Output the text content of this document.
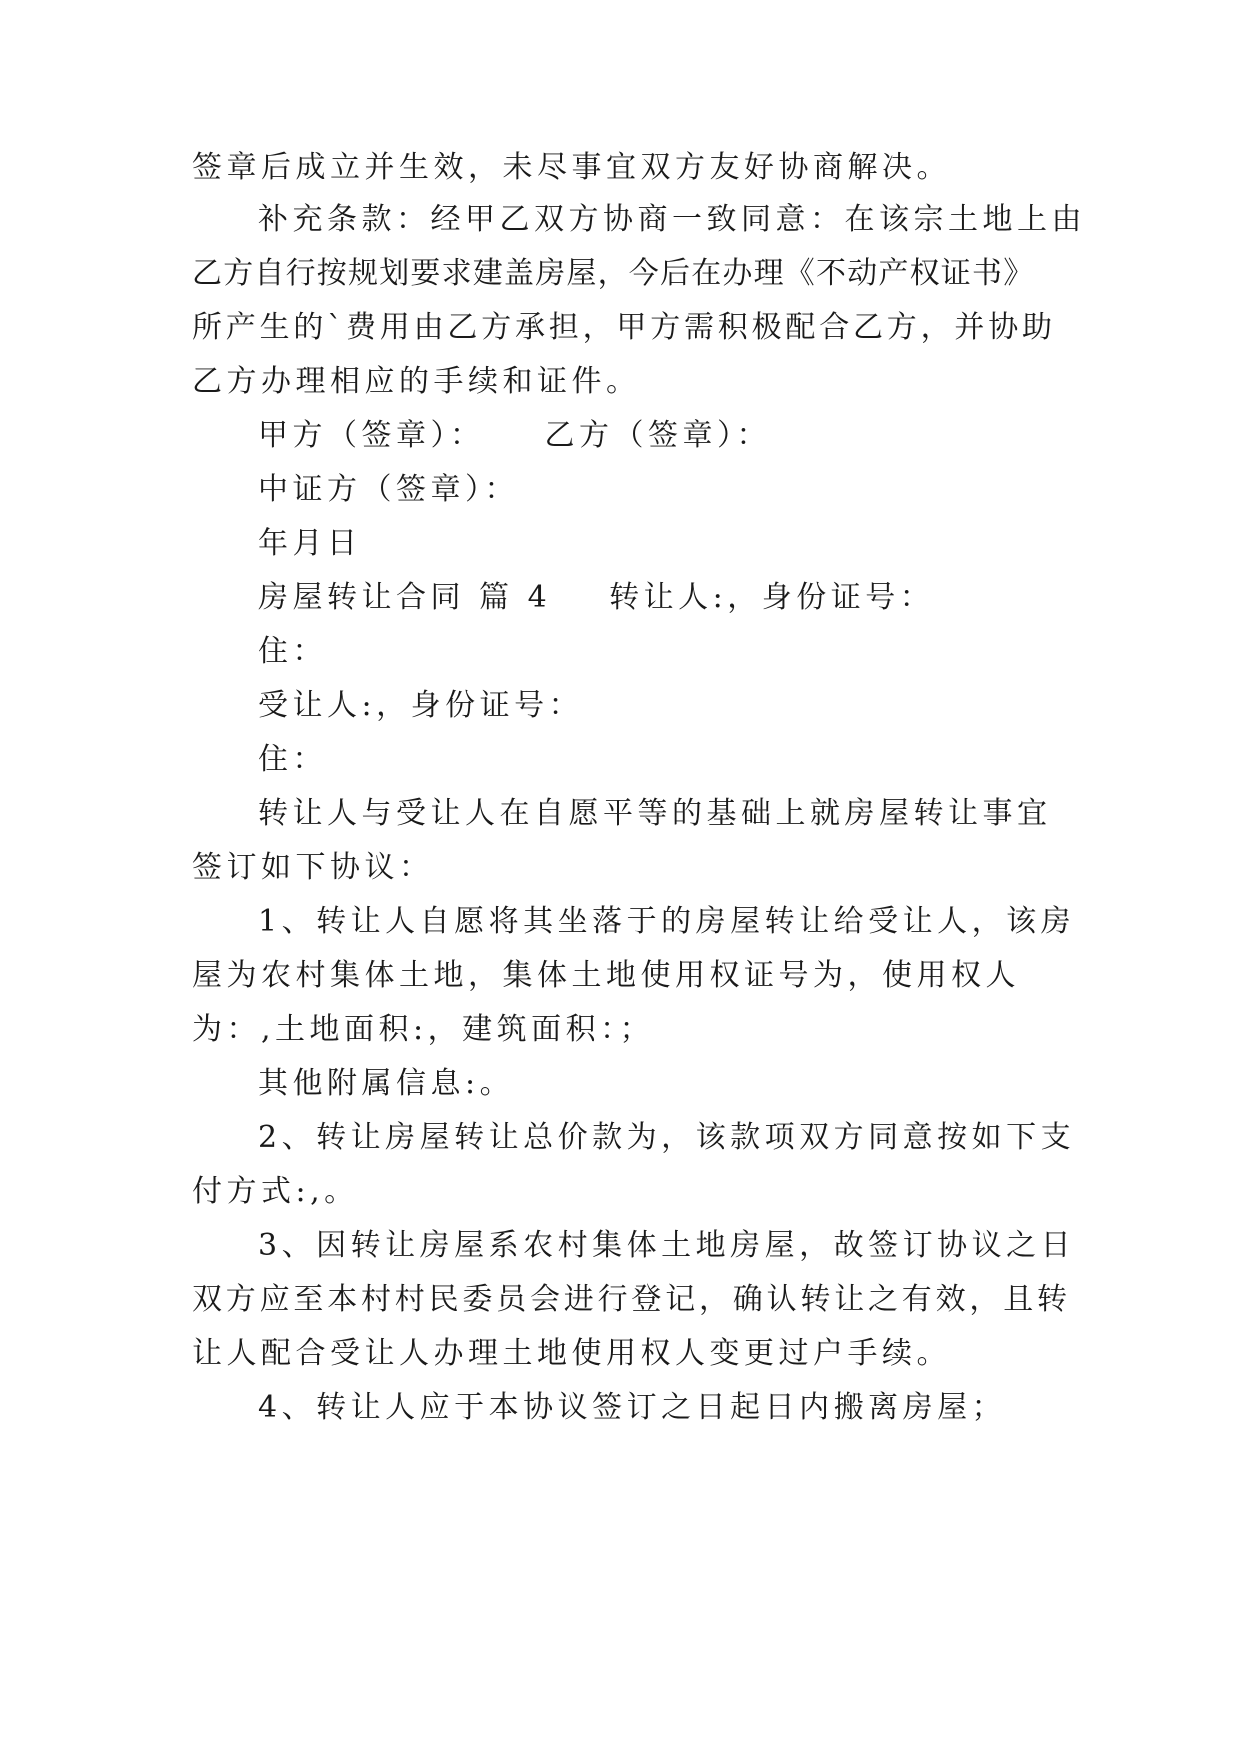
签章后成立并生效，未尽事宜双方友好协商解决。
补充条款：经甲乙双方协商一致同意：在该宗土地上由
乙方自行按规划要求建盖房屋，今后在办理《不动产权证书》
所产生的`费用由乙方承担，甲方需积极配合乙方，并协助
乙方办理相应的手续和证件。
甲方（签章）： 乙方（签章）：
中证方（签章）：
年月日
房屋转让合同 篇 4 转让人:，身份证号：
住：
受让人:，身份证号：
住：
转让人与受让人在自愿平等的基础上就房屋转让事宜
签订如下协议：
1、转让人自愿将其坐落于的房屋转让给受让人，该房
屋为农村集体土地，集体土地使用权证号为，使用权人
为：,土地面积:，建筑面积：；
其他附属信息:。
2、转让房屋转让总价款为，该款项双方同意按如下支
付方式:,。
3、因转让房屋系农村集体土地房屋，故签订协议之日
双方应至本村村民委员会进行登记，确认转让之有效，且转
让人配合受让人办理土地使用权人变更过户手续。
4、转让人应于本协议签订之日起日内搬离房屋；
